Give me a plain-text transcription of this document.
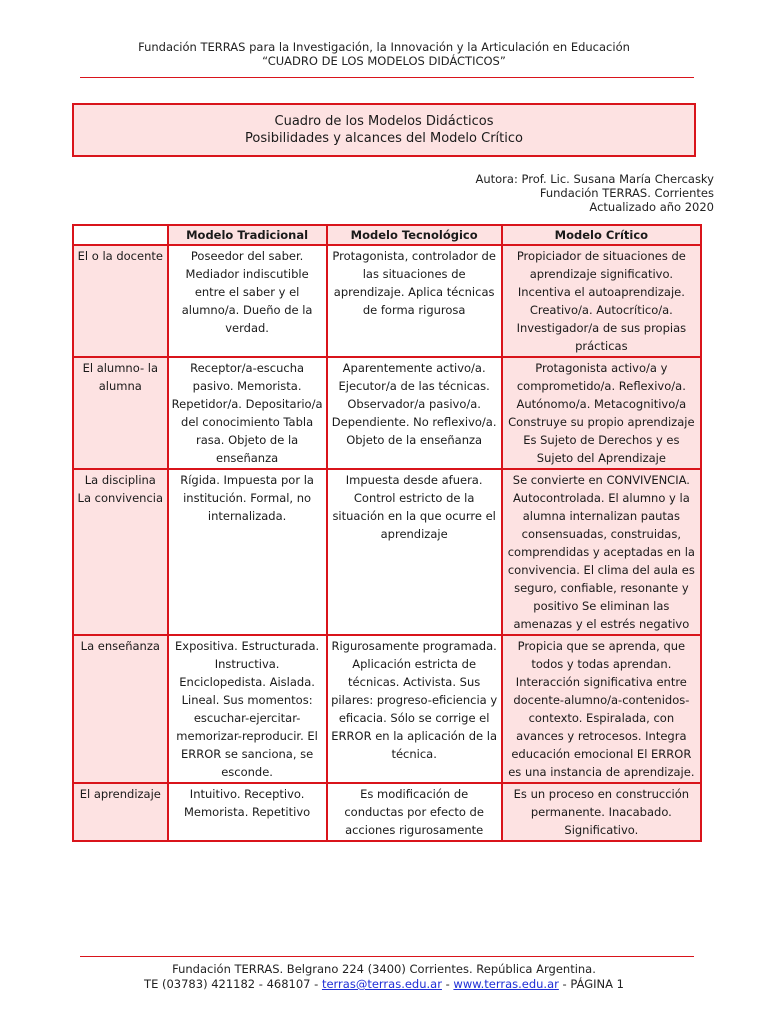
Fundación TERRAS para la Investigación, la Innovación y la Articulación en Educación
“CUADRO DE LOS MODELOS DIDÁCTICOS”
Cuadro de los Modelos Didácticos
Posibilidades y alcances del Modelo Crítico
Autora: Prof. Lic. Susana María Chercasky
Fundación TERRAS. Corrientes
Actualizado año 2020
	Modelo Tradicional	Modelo Tecnológico	Modelo Crítico
El o la docente	Poseedor del saber. Mediador indiscutible entre el saber y el alumno/a. Dueño de la verdad.	Protagonista, controlador de las situaciones de aprendizaje. Aplica técnicas de forma rigurosa	Propiciador de situaciones de aprendizaje significativo. Incentiva el autoaprendizaje. Creativo/a. Autocrítico/a. Investigador/a de sus propias prácticas
El alumno- la alumna	Receptor/a-escucha pasivo. Memorista. Repetidor/a. Depositario/a del conocimiento Tabla rasa. Objeto de la enseñanza	Aparentemente activo/a. Ejecutor/a de las técnicas. Observador/a pasivo/a. Dependiente. No reflexivo/a. Objeto de la enseñanza	Protagonista activo/a y comprometido/a. Reflexivo/a. Autónomo/a. Metacognitivo/a Construye su propio aprendizaje Es Sujeto de Derechos y es Sujeto del Aprendizaje
La disciplina La convivencia	Rígida. Impuesta por la institución. Formal, no internalizada.	Impuesta desde afuera. Control estricto de la situación en la que ocurre el aprendizaje	Se convierte en CONVIVENCIA. Autocontrolada. El alumno y la alumna internalizan pautas consensuadas, construidas, comprendidas y aceptadas en la convivencia. El clima del aula es seguro, confiable, resonante y positivo Se eliminan las amenazas y el estrés negativo
La enseñanza	Expositiva. Estructurada. Instructiva. Enciclopedista. Aislada. Lineal. Sus momentos: escuchar-ejercitar-memorizar-reproducir. El ERROR se sanciona, se esconde.	Rigurosamente programada. Aplicación estricta de técnicas. Activista. Sus pilares: progreso-eficiencia y eficacia. Sólo se corrige el ERROR en la aplicación de la técnica.	Propicia que se aprenda, que todos y todas aprendan. Interacción significativa entre docente-alumno/a-contenidos-contexto. Espiralada, con avances y retrocesos. Integra educación emocional El ERROR es una instancia de aprendizaje.
El aprendizaje	Intuitivo. Receptivo. Memorista. Repetitivo	Es modificación de conductas por efecto de acciones rigurosamente	Es un proceso en construcción permanente. Inacabado. Significativo.
Fundación TERRAS. Belgrano 224 (3400) Corrientes. República Argentina.
TE (03783) 421182 - 468107 - terras@terras.edu.ar - www.terras.edu.ar - PÁGINA 1
